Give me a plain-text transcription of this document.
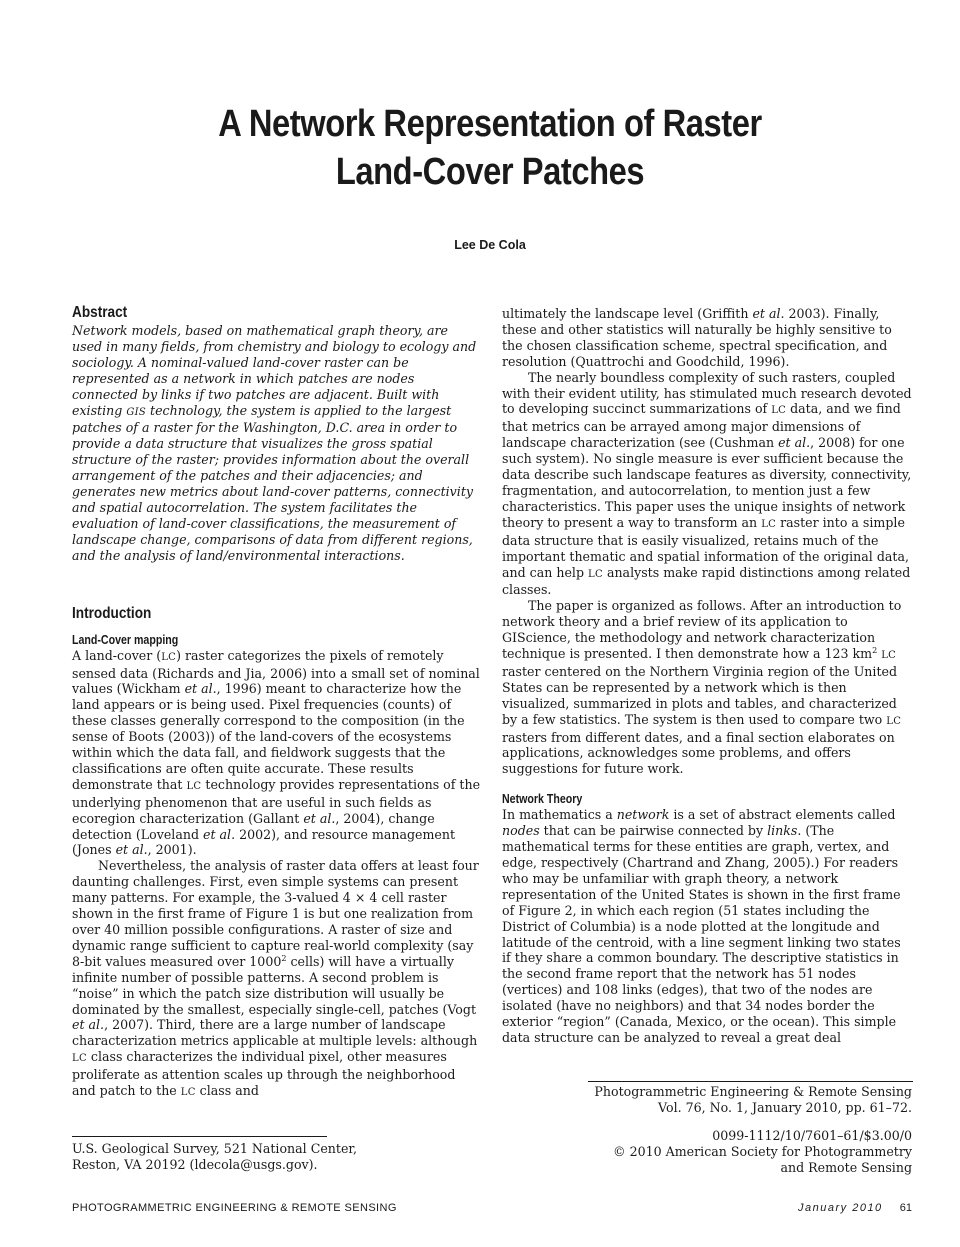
A Network Representation of Raster
Land-Cover Patches
Lee De Cola
Abstract

Network models, based on mathematical graph theory, are used in many fields, from chemistry and biology to ecology and sociology. A nominal-valued land-cover raster can be represented as a network in which patches are nodes connected by links if two patches are adjacent. Built with existing GIS technology, the system is applied to the largest patches of a raster for the Washington, D.C. area in order to provide a data structure that visualizes the gross spatial structure of the raster; provides information about the overall arrangement of the patches and their adjacencies; and generates new metrics about land-cover patterns, connectivity and spatial autocorrelation. The system facilitates the evaluation of land-cover classifications, the measurement of landscape change, comparisons of data from different regions, and the analysis of land/environmental interactions.

Introduction
Land-Cover mapping

A land-cover (LC) raster categorizes the pixels of remotely sensed data (Richards and Jia, 2006) into a small set of nominal values (Wickham et al., 1996) meant to characterize how the land appears or is being used. Pixel frequencies (counts) of these classes generally correspond to the composition (in the sense of Boots (2003)) of the land-covers of the ecosystems within which the data fall, and fieldwork suggests that the classifications are often quite accurate. These results demonstrate that LC technology provides representations of the underlying phenomenon that are useful in such fields as ecoregion characterization (Gallant et al., 2004), change detection (Loveland et al. 2002), and resource management (Jones et al., 2001).

Nevertheless, the analysis of raster data offers at least four daunting challenges. First, even simple systems can present many patterns. For example, the 3-valued 4 × 4 cell raster shown in the first frame of Figure 1 is but one realization from over 40 million possible configurations. A raster of size and dynamic range sufficient to capture real-world complexity (say 8-bit values measured over 1000$^2$ cells) will have a virtually infinite number of possible patterns. A second problem is “noise” in which the patch size distribution will usually be dominated by the smallest, especially single-cell, patches (Vogt et al., 2007). Third, there are a large number of landscape characterization metrics applicable at multiple levels: although LC class characterizes the individual pixel, other measures proliferate as attention scales up through the neighborhood and patch to the LC class and

ultimately the landscape level (Griffith et al. 2003). Finally, these and other statistics will naturally be highly sensitive to the chosen classification scheme, spectral specification, and resolution (Quattrochi and Goodchild, 1996).

The nearly boundless complexity of such rasters, coupled with their evident utility, has stimulated much research devoted to developing succinct summarizations of LC data, and we find that metrics can be arrayed among major dimensions of landscape characterization (see (Cushman et al., 2008) for one such system). No single measure is ever sufficient because the data describe such landscape features as diversity, connectivity, fragmentation, and autocorrelation, to mention just a few characteristics. This paper uses the unique insights of network theory to present a way to transform an LC raster into a simple data structure that is easily visualized, retains much of the important thematic and spatial information of the original data, and can help LC analysts make rapid distinctions among related classes.

The paper is organized as follows. After an introduction to network theory and a brief review of its application to GIScience, the methodology and network characterization technique is presented. I then demonstrate how a 123 $km^2$ LC raster centered on the Northern Virginia region of the United States can be represented by a network which is then visualized, summarized in plots and tables, and characterized by a few statistics. The system is then used to compare two LC rasters from different dates, and a final section elaborates on applications, acknowledges some problems, and offers suggestions for future work.

Network Theory

In mathematics a network is a set of abstract elements called nodes that can be pairwise connected by links. (The mathematical terms for these entities are graph, vertex, and edge, respectively (Chartrand and Zhang, 2005).) For readers who may be unfamiliar with graph theory, a network representation of the United States is shown in the first frame of Figure 2, in which each region (51 states including the District of Columbia) is a node plotted at the longitude and latitude of the centroid, with a line segment linking two states if they share a common boundary. The descriptive statistics in the second frame report that the network has 51 nodes (vertices) and 108 links (edges), that two of the nodes are isolated (have no neighbors) and that 34 nodes border the exterior “region” (Canada, Mexico, or the ocean). This simple data structure can be analyzed to reveal a great deal

Photogrammetric Engineering & Remote Sensing
Vol. 76, No. 1, January 2010, pp. 61–72.
0099-1112/10/7601–61/$3.00/0
© 2010 American Society for Photogrammetry
and Remote Sensing
U.S. Geological Survey, 521 National Center,
Reston, VA 20192 (ldecola@usgs.gov).
PHOTOGRAMMETRIC ENGINEERING & REMOTE SENSING	January 2010 61
